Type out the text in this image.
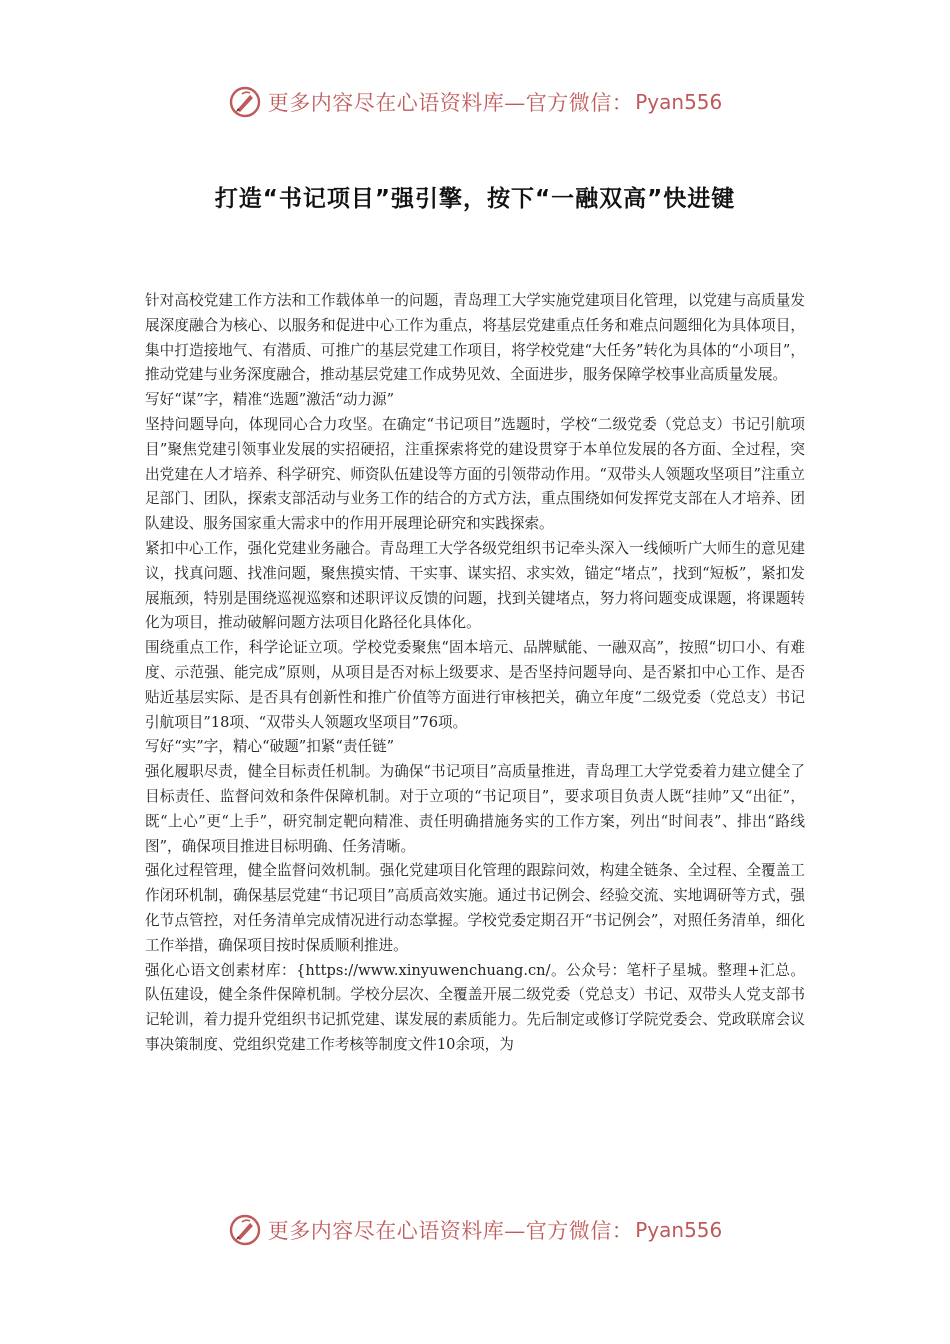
更多内容尽在心语资料库—官方微信： Pyan556
打造“书记项目”强引擎，按下“一融双高”快进键

针对高校党建工作方法和工作载体单一的问题，青岛理工大学实施党建项目化管理，以党建与高质量发展深度融合为核心、以服务和促进中心工作为重点，将基层党建重点任务和难点问题细化为具体项目，集中打造接地气、有潜质、可推广的基层党建工作项目，将学校党建“大任务”转化为具体的“小项目”，推动党建与业务深度融合，推动基层党建工作成势见效、全面进步，服务保障学校事业高质量发展。

写好“谋”字，精准“选题”激活“动力源”

坚持问题导向，体现同心合力攻坚。在确定“书记项目”选题时，学校“二级党委（党总支）书记引航项目”聚焦党建引领事业发展的实招硬招，注重探索将党的建设贯穿于本单位发展的各方面、全过程，突出党建在人才培养、科学研究、师资队伍建设等方面的引领带动作用。“双带头人领题攻坚项目”注重立足部门、团队，探索支部活动与业务工作的结合的方式方法，重点围绕如何发挥党支部在人才培养、团队建设、服务国家重大需求中的作用开展理论研究和实践探索。

紧扣中心工作，强化党建业务融合。青岛理工大学各级党组织书记牵头深入一线倾听广大师生的意见建议，找真问题、找准问题，聚焦摸实情、干实事、谋实招、求实效，锚定“堵点”，找到“短板”，紧扣发展瓶颈，特别是围绕巡视巡察和述职评议反馈的问题，找到关键堵点，努力将问题变成课题，将课题转化为项目，推动破解问题方法项目化路径化具体化。

围绕重点工作，科学论证立项。学校党委聚焦“固本培元、品牌赋能、一融双高”，按照“切口小、有难度、示范强、能完成”原则，从项目是否对标上级要求、是否坚持问题导向、是否紧扣中心工作、是否贴近基层实际、是否具有创新性和推广价值等方面进行审核把关，确立年度“二级党委（党总支）书记引航项目”18项、“双带头人领题攻坚项目”76项。

写好“实”字，精心“破题”扣紧“责任链”

强化履职尽责，健全目标责任机制。为确保“书记项目”高质量推进，青岛理工大学党委着力建立健全了目标责任、监督问效和条件保障机制。对于立项的“书记项目”，要求项目负责人既“挂帅”又“出征”，既“上心”更“上手”，研究制定靶向精准、责任明确措施务实的工作方案，列出“时间表”、排出“路线图”，确保项目推进目标明确、任务清晰。

强化过程管理，健全监督问效机制。强化党建项目化管理的跟踪问效，构建全链条、全过程、全覆盖工作闭环机制，确保基层党建“书记项目”高质高效实施。通过书记例会、经验交流、实地调研等方式，强化节点管控，对任务清单完成情况进行动态掌握。学校党委定期召开“书记例会”，对照任务清单，细化工作举措，确保项目按时保质顺利推进。

强化心语文创素材库：{https://www.xinyuwenchuang.cn/。公众号：笔杆子星城。整理+汇总。队伍建设，健全条件保障机制。学校分层次、全覆盖开展二级党委（党总支）书记、双带头人党支部书记轮训，着力提升党组织书记抓党建、谋发展的素质能力。先后制定或修订学院党委会、党政联席会议事决策制度、党组织党建工作考核等制度文件10余项，为

更多内容尽在心语资料库—官方微信： Pyan556
